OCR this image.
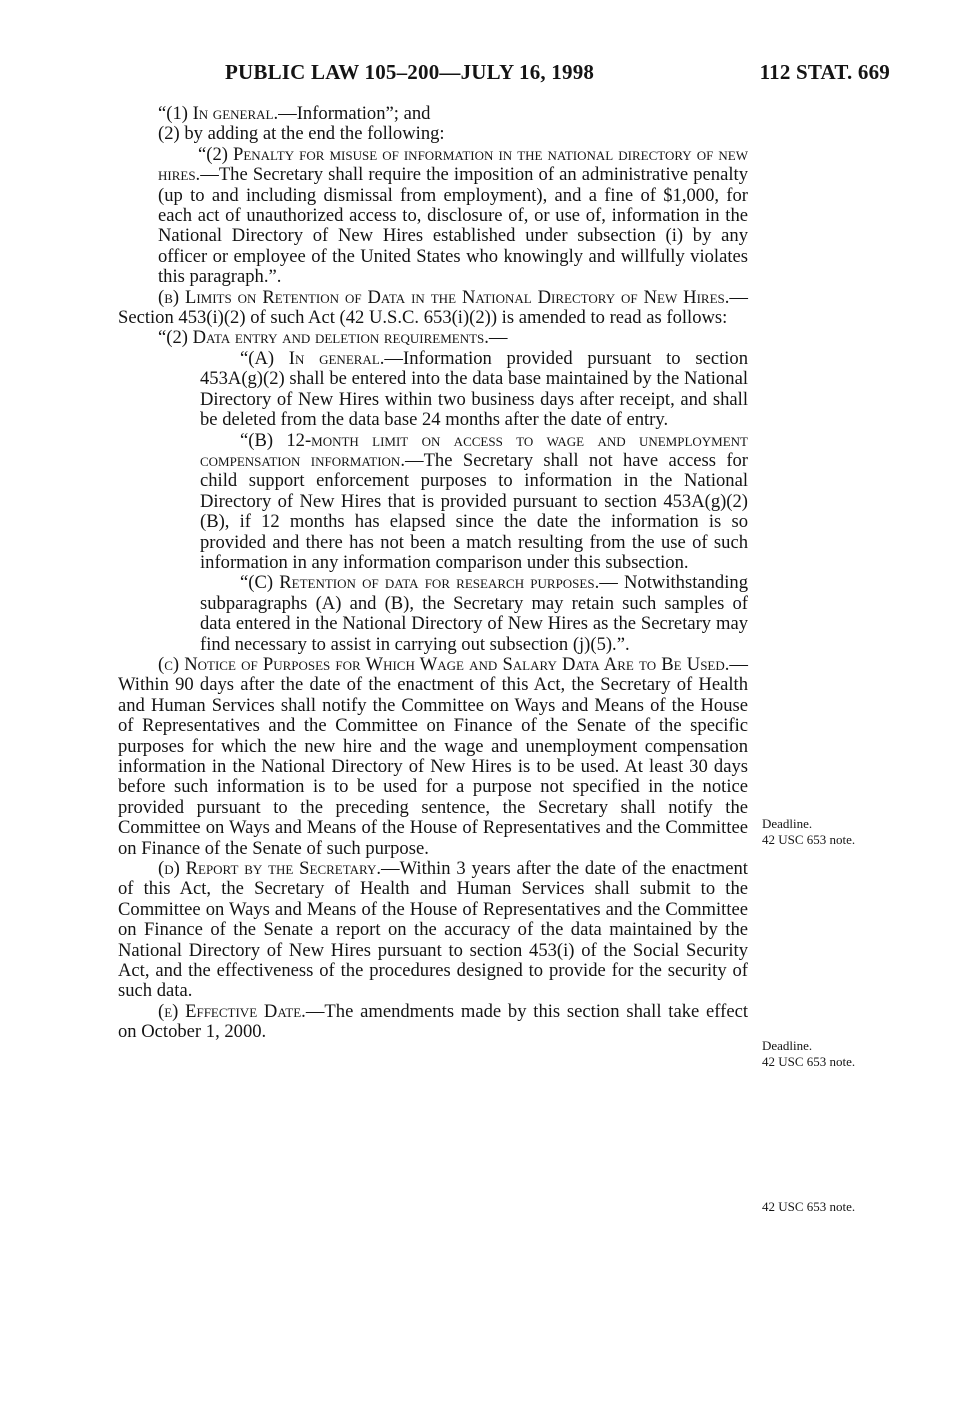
PUBLIC LAW 105–200—JULY 16, 1998	112 STAT. 669

“(1) In general.—Information”; and

(2) by adding at the end the following:

“(2) Penalty for misuse of information in the national directory of new hires.—The Secretary shall require the imposition of an administrative penalty (up to and including dismissal from employment), and a fine of $1,000, for each act of unauthorized access to, disclosure of, or use of, information in the National Directory of New Hires established under subsection (i) by any officer or employee of the United States who knowingly and willfully violates this paragraph.”.

(b) Limits on Retention of Data in the National Directory of New Hires.—Section 453(i)(2) of such Act (42 U.S.C. 653(i)(2)) is amended to read as follows:

“(2) Data entry and deletion requirements.—

“(A) In general.—Information provided pursuant to section 453A(g)(2) shall be entered into the data base maintained by the National Directory of New Hires within two business days after receipt, and shall be deleted from the data base 24 months after the date of entry.

“(B) 12-month limit on access to wage and unemployment compensation information.—The Secretary shall not have access for child support enforcement purposes to information in the National Directory of New Hires that is provided pursuant to section 453A(g)(2)(B), if 12 months has elapsed since the date the information is so provided and there has not been a match resulting from the use of such information in any information comparison under this subsection.

“(C) Retention of data for research purposes.— Notwithstanding subparagraphs (A) and (B), the Secretary may retain such samples of data entered in the National Directory of New Hires as the Secretary may find necessary to assist in carrying out subsection (j)(5).”.

(c) Notice of Purposes for Which Wage and Salary Data Are to Be Used.—Within 90 days after the date of the enactment of this Act, the Secretary of Health and Human Services shall notify the Committee on Ways and Means of the House of Representatives and the Committee on Finance of the Senate of the specific purposes for which the new hire and the wage and unemployment compensation information in the National Directory of New Hires is to be used. At least 30 days before such information is to be used for a purpose not specified in the notice provided pursuant to the preceding sentence, the Secretary shall notify the Committee on Ways and Means of the House of Representatives and the Committee on Finance of the Senate of such purpose.

(d) Report by the Secretary.—Within 3 years after the date of the enactment of this Act, the Secretary of Health and Human Services shall submit to the Committee on Ways and Means of the House of Representatives and the Committee on Finance of the Senate a report on the accuracy of the data maintained by the National Directory of New Hires pursuant to section 453(i) of the Social Security Act, and the effectiveness of the procedures designed to provide for the security of such data.

(e) Effective Date.—The amendments made by this section shall take effect on October 1, 2000.

Deadline.
42 USC 653 note.
Deadline.
42 USC 653 note.
42 USC 653 note.
